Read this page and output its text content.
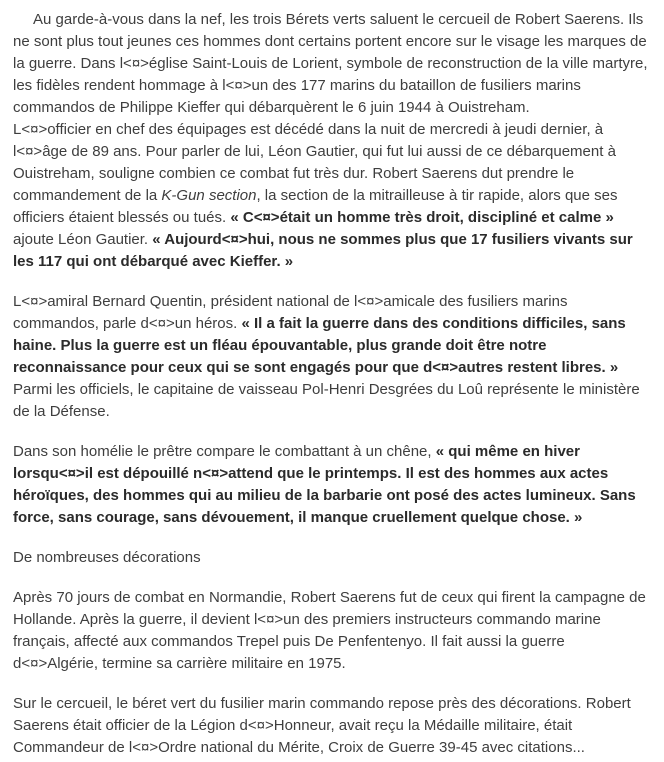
Au garde-à-vous dans la nef, les trois Bérets verts saluent le cercueil de Robert Saerens. Ils ne sont plus tout jeunes ces hommes dont certains portent encore sur le visage les marques de la guerre. Dans l<¤>église Saint-Louis de Lorient, symbole de reconstruction de la ville martyre, les fidèles rendent hommage à l<¤>un des 177 marins du bataillon de fusiliers marins commandos de Philippe Kieffer qui débarquèrent le 6 juin 1944 à Ouistreham.

L<¤>officier en chef des équipages est décédé dans la nuit de mercredi à jeudi dernier, à l<¤>âge de 89 ans. Pour parler de lui, Léon Gautier, qui fut lui aussi de ce débarquement à Ouistreham, souligne combien ce combat fut très dur. Robert Saerens dut prendre le commandement de la K-Gun section, la section de la mitrailleuse à tir rapide, alors que ses officiers étaient blessés ou tués. « C<¤>était un homme très droit, discipliné et calme » ajoute Léon Gautier. « Aujourd<¤>hui, nous ne sommes plus que 17 fusiliers vivants sur les 117 qui ont débarqué avec Kieffer. »

L<¤>amiral Bernard Quentin, président national de l<¤>amicale des fusiliers marins commandos, parle d<¤>un héros. « Il a fait la guerre dans des conditions difficiles, sans haine. Plus la guerre est un fléau épouvantable, plus grande doit être notre reconnaissance pour ceux qui se sont engagés pour que d<¤>autres restent libres. » Parmi les officiels, le capitaine de vaisseau Pol-Henri Desgrées du Loû représente le ministère de la Défense.

Dans son homélie le prêtre compare le combattant à un chêne, « qui même en hiver lorsqu<¤>il est dépouillé n<¤>attend que le printemps. Il est des hommes aux actes héroïques, des hommes qui au milieu de la barbarie ont posé des actes lumineux. Sans force, sans courage, sans dévouement, il manque cruellement quelque chose. »

De nombreuses décorations

Après 70 jours de combat en Normandie, Robert Saerens fut de ceux qui firent la campagne de Hollande. Après la guerre, il devient l<¤>un des premiers instructeurs commando marine français, affecté aux commandos Trepel puis De Penfentenyo. Il fait aussi la guerre d<¤>Algérie, termine sa carrière militaire en 1975.

Sur le cercueil, le béret vert du fusilier marin commando repose près des décorations. Robert Saerens était officier de la Légion d<¤>Honneur, avait reçu la Médaille militaire, était Commandeur de l<¤>Ordre national du Mérite, Croix de Guerre 39-45 avec citations...
